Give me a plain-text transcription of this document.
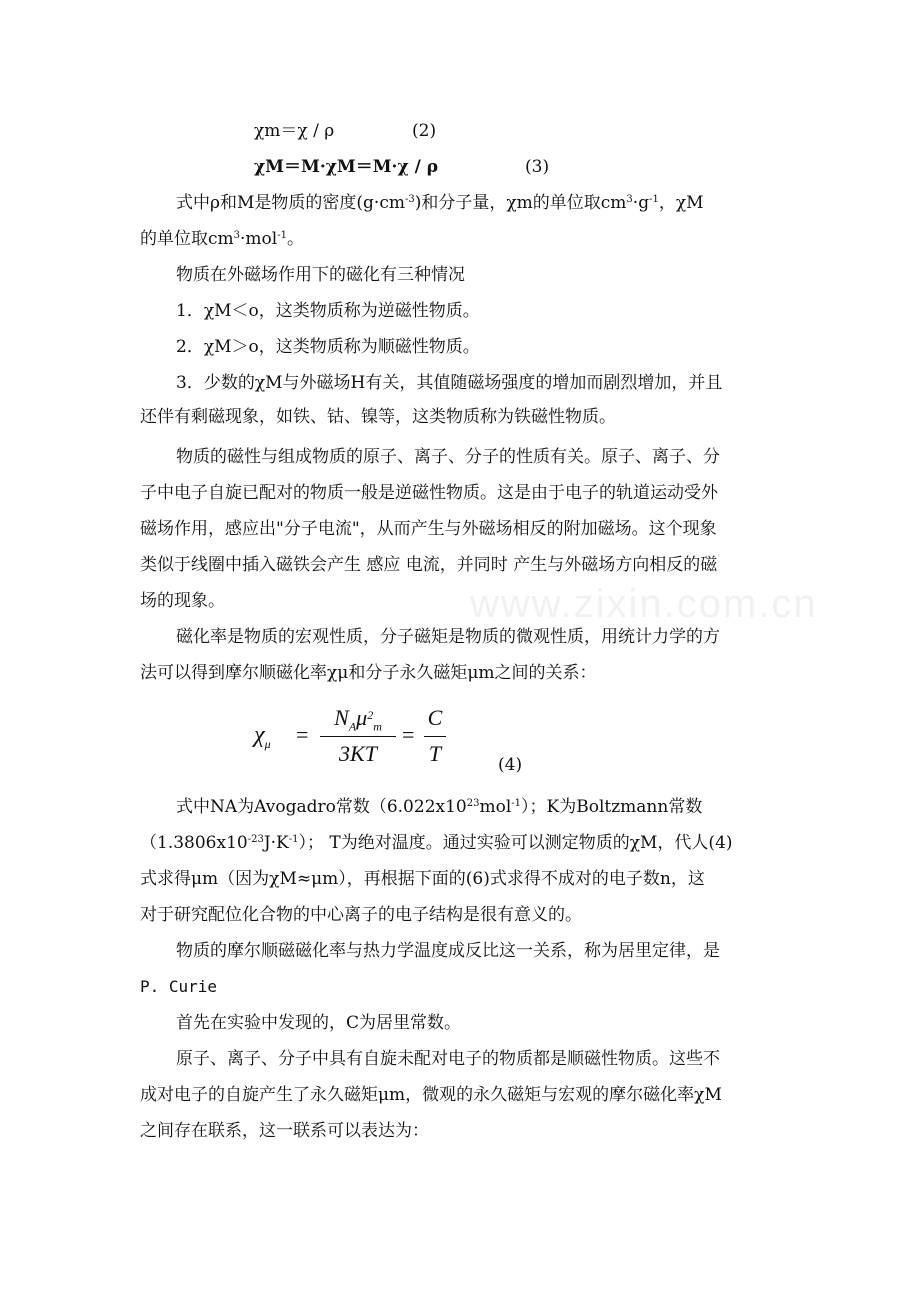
χm＝χ / ρ	(2)
χM＝M·χM＝M·χ / ρ	(3)
式中ρ和M是物质的密度$(g\cdot cm^{-3})$和分子量，χm的单位取$cm^3\cdot g^{-1}$，χM
的单位取$cm^3\cdot mol^{-1}$。
物质在外磁场作用下的磁化有三种情况
1．χM＜o，这类物质称为逆磁性物质。
2．χM＞o，这类物质称为顺磁性物质。
3．少数的χM与外磁场H有关，其值随磁场强度的增加而剧烈增加，并且
还伴有剩磁现象，如铁、钴、镍等，这类物质称为铁磁性物质。
物质的磁性与组成物质的原子、离子、分子的性质有关。原子、离子、分
子中电子自旋已配对的物质一般是逆磁性物质。这是由于电子的轨道运动受外
磁场作用，感应出"分子电流"，从而产生与外磁场相反的附加磁场。这个现象
类似于线圈中插入磁铁会产生 感应 电流，并同时 产生与外磁场方向相反的磁
场的现象。
磁化率是物质的宏观性质，分子磁矩是物质的微观性质，用统计力学的方
法可以得到摩尔顺磁化率χμ和分子永久磁矩μm之间的关系：
$\chi_\mu$ =
$N_A\mu^2_m$
3KT
=
C
T	(4)
式中NA为Avogadro常数$(6.022x10^{23}mol^{-1})$；K为Boltzmann常数
$(1.3806x10^{-23}J\cdot K^{-1})$； T为绝对温度。通过实验可以测定物质的χM，代人(4)
式求得μm（因为χM≈μm），再根据下面的(6)式求得不成对的电子数n，这
对于研究配位化合物的中心离子的电子结构是很有意义的。
物质的摩尔顺磁磁化率与热力学温度成反比这一关系，称为居里定律，是
P. Curie
首先在实验中发现的，C为居里常数。
原子、离子、分子中具有自旋未配对电子的物质都是顺磁性物质。这些不
成对电子的自旋产生了永久磁矩μm，微观的永久磁矩与宏观的摩尔磁化率χM
之间存在联系，这一联系可以表达为：
www.zixin.com.cn
